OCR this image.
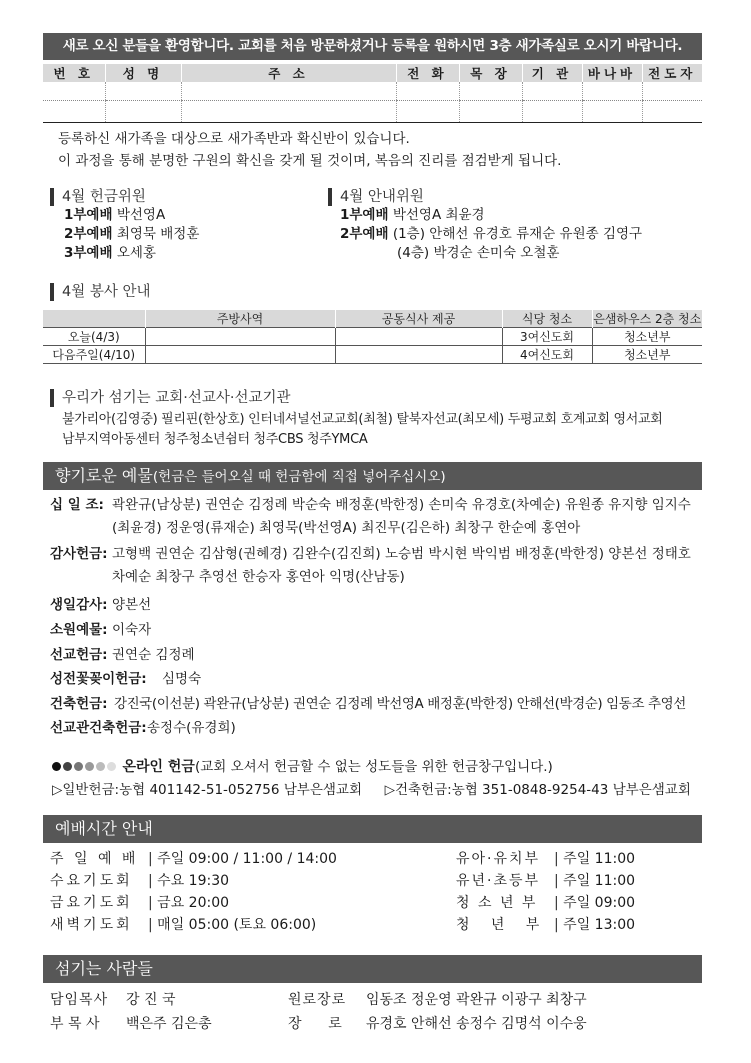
새로 오신 분들을 환영합니다. 교회를 처음 방문하셨거나 등록을 원하시면 3층 새가족실로 오시기 바랍니다.
번 호	성 명	주 소	전 화	목 장	기 관	바나바	전도자

등록하신 새가족을 대상으로 새가족반과 확신반이 있습니다.
이 과정을 통해 분명한 구원의 확신을 갖게 될 것이며, 복음의 진리를 점검받게 됩니다.
4월 헌금위원
1부예배 박선영A
2부예배 최영묵 배정훈
3부예배 오세홍
4월 안내위원
1부예배 박선영A 최윤경
2부예배 (1층) 안해선 유경호 류재순 유원종 김영구
(4층) 박경순 손미숙 오철훈
4월 봉사 안내
	주방사역	공동식사 제공	식당 청소	은샘하우스 2층 청소
오늘(4/3)			3여신도회	청소년부
다음주일(4/10)			4여신도회	청소년부
우리가 섬기는 교회·선교사·선교기관
불가리아(김영중) 필리핀(한상호) 인터네셔널선교교회(최철) 탈북자선교(최모세) 두평교회 호계교회 영서교회
남부지역아동센터 청주청소년쉼터 청주CBS 청주YMCA
향기로운 예물(헌금은 들어오실 때 헌금함에 직접 넣어주십시오)
십 일 조: 곽완규(남상분) 권연순 김정례 박순숙 배정훈(박한정) 손미숙 유경호(차예순) 유원종 유지향 임지수
(최윤경) 정운영(류재순) 최영묵(박선영A) 최진무(김은하) 최창구 한순예 홍연아
감사헌금: 고형백 권연순 김삼형(권혜경) 김완수(김진희) 노승범 박시현 박익범 배정훈(박한정) 양본선 정태호
차예순 최창구 추영선 한승자 홍연아 익명(산남동)
생일감사: 양본선
소원예물: 이숙자
선교헌금: 권연순 김정례
성전꽃꽂이헌금: 심명숙
건축헌금: 강진국(이선분) 곽완규(남상분) 권연순 김정례 박선영A 배정훈(박한정) 안해선(박경순) 임동조 추영선
선교관건축헌금: 송정수(유경희)
온라인 헌금(교회 오셔서 헌금할 수 없는 성도들을 위한 헌금창구입니다.)
▷일반헌금:농협 401142-51-052756 남부은샘교회 ▷건축헌금:농협 351-0848-9254-43 남부은샘교회
예배시간 안내
주 일 예 배 | 주일 09:00 / 11:00 / 14:00
수요기도회 | 수요 19:30
금요기도회 | 금요 20:00
새벽기도회 | 매일 05:00 (토요 06:00)
유아·유치부 | 주일 11:00
유년·초등부 | 주일 11:00
청 소 년 부 | 주일 09:00
청   년   부 | 주일 13:00
섬기는 사람들
담임목사 강 진 국	원로장로 임동조 정운영 곽완규 이광구 최창구
부 목 사 백은주 김은총	장      로 유경호 안해선 송정수 김명석 이수웅
